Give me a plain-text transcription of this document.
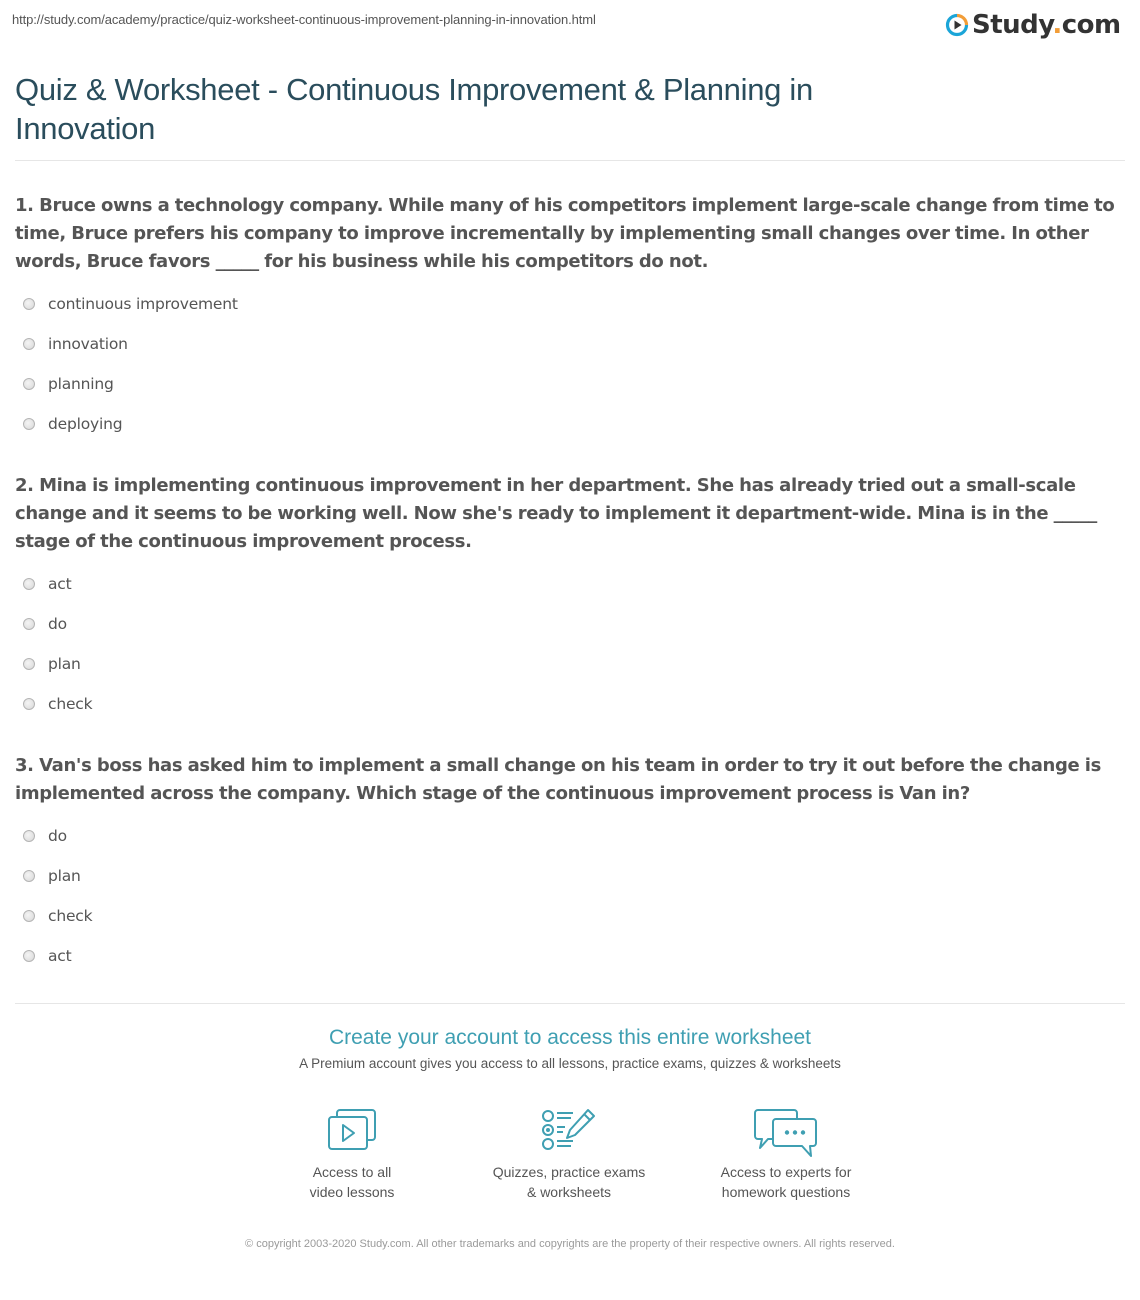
http://study.com/academy/practice/quiz-worksheet-continuous-improvement-planning-in-innovation.html	Study.com
Quiz & Worksheet - Continuous Improvement & Planning in Innovation

1. Bruce owns a technology company. While many of his competitors implement large-scale change from time to time, Bruce prefers his company to improve incrementally by implementing small changes over time. In other words, Bruce favors _____ for his business while his competitors do not.

continuous improvement
innovation
planning
deploying

2. Mina is implementing continuous improvement in her department. She has already tried out a small-scale change and it seems to be working well. Now she's ready to implement it department-wide. Mina is in the _____ stage of the continuous improvement process.

act
do
plan
check

3. Van's boss has asked him to implement a small change on his team in order to try it out before the change is implemented across the company. Which stage of the continuous improvement process is Van in?

do
plan
check
act
Create your account to access this entire worksheet
A Premium account gives you access to all lessons, practice exams, quizzes & worksheets
Access to all
video lessons
Quizzes, practice exams
& worksheets
Access to experts for
homework questions
© copyright 2003-2020 Study.com. All other trademarks and copyrights are the property of their respective owners. All rights reserved.
